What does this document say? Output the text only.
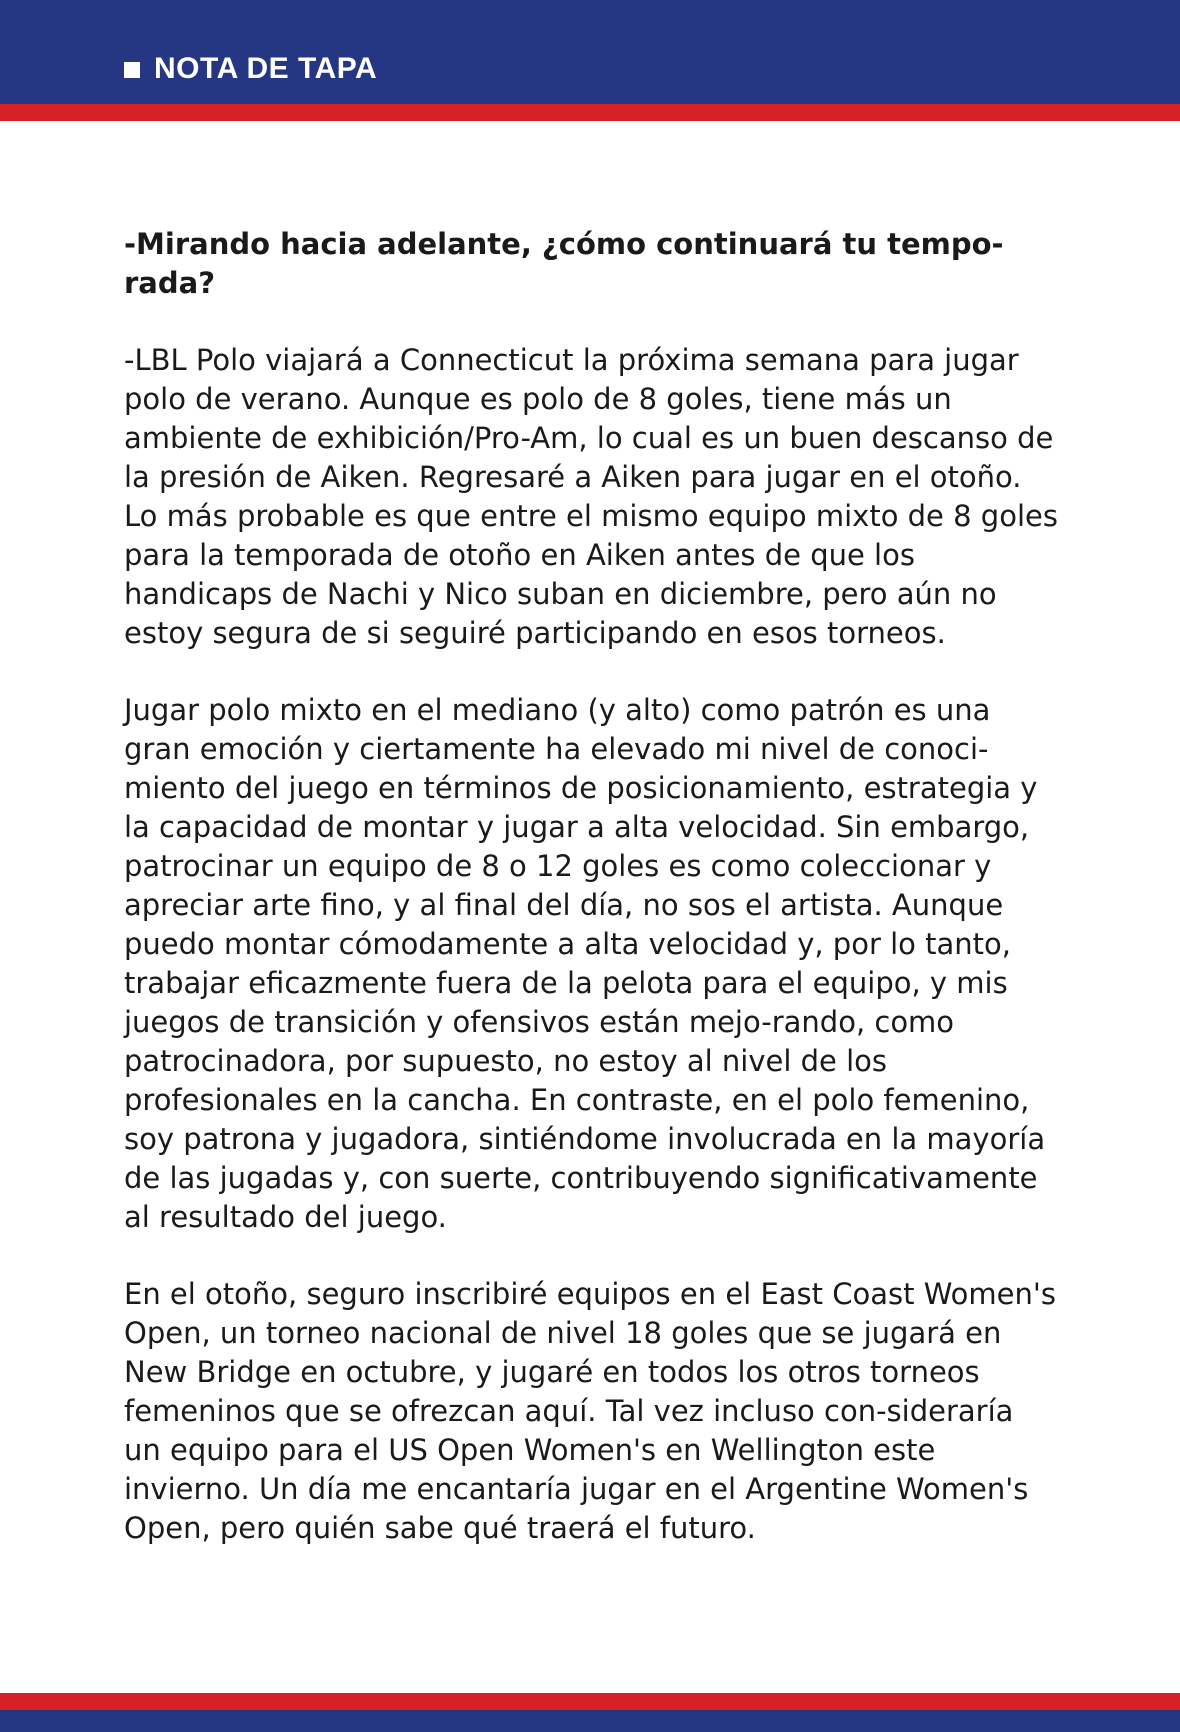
NOTA DE TAPA

-Mirando hacia adelante, ¿cómo continuará tu tempo-rada?

-LBL Polo viajará a Connecticut la próxima semana para jugar polo de verano. Aunque es polo de 8 goles, tiene más un ambiente de exhibición/Pro-Am, lo cual es un buen descanso de la presión de Aiken. Regresaré a Aiken para jugar en el otoño. Lo más probable es que entre el mismo equipo mixto de 8 goles para la temporada de otoño en Aiken antes de que los handicaps de Nachi y Nico suban en diciembre, pero aún no estoy segura de si seguiré participando en esos torneos.

Jugar polo mixto en el mediano (y alto) como patrón es una gran emoción y ciertamente ha elevado mi nivel de conoci-miento del juego en términos de posicionamiento, estrategia y la capacidad de montar y jugar a alta velocidad. Sin embargo, patrocinar un equipo de 8 o 12 goles es como coleccionar y apreciar arte fino, y al final del día, no sos el artista. Aunque puedo montar cómodamente a alta velocidad y, por lo tanto, trabajar eficazmente fuera de la pelota para el equipo, y mis juegos de transición y ofensivos están mejo-rando, como patrocinadora, por supuesto, no estoy al nivel de los profesionales en la cancha. En contraste, en el polo femenino, soy patrona y jugadora, sintiéndome involucrada en la mayoría de las jugadas y, con suerte, contribuyendo significativamente al resultado del juego.

En el otoño, seguro inscribiré equipos en el East Coast Women's Open, un torneo nacional de nivel 18 goles que se jugará en New Bridge en octubre, y jugaré en todos los otros torneos femeninos que se ofrezcan aquí. Tal vez incluso con-sideraría un equipo para el US Open Women's en Wellington este invierno. Un día me encantaría jugar en el Argentine Women's Open, pero quién sabe qué traerá el futuro.
